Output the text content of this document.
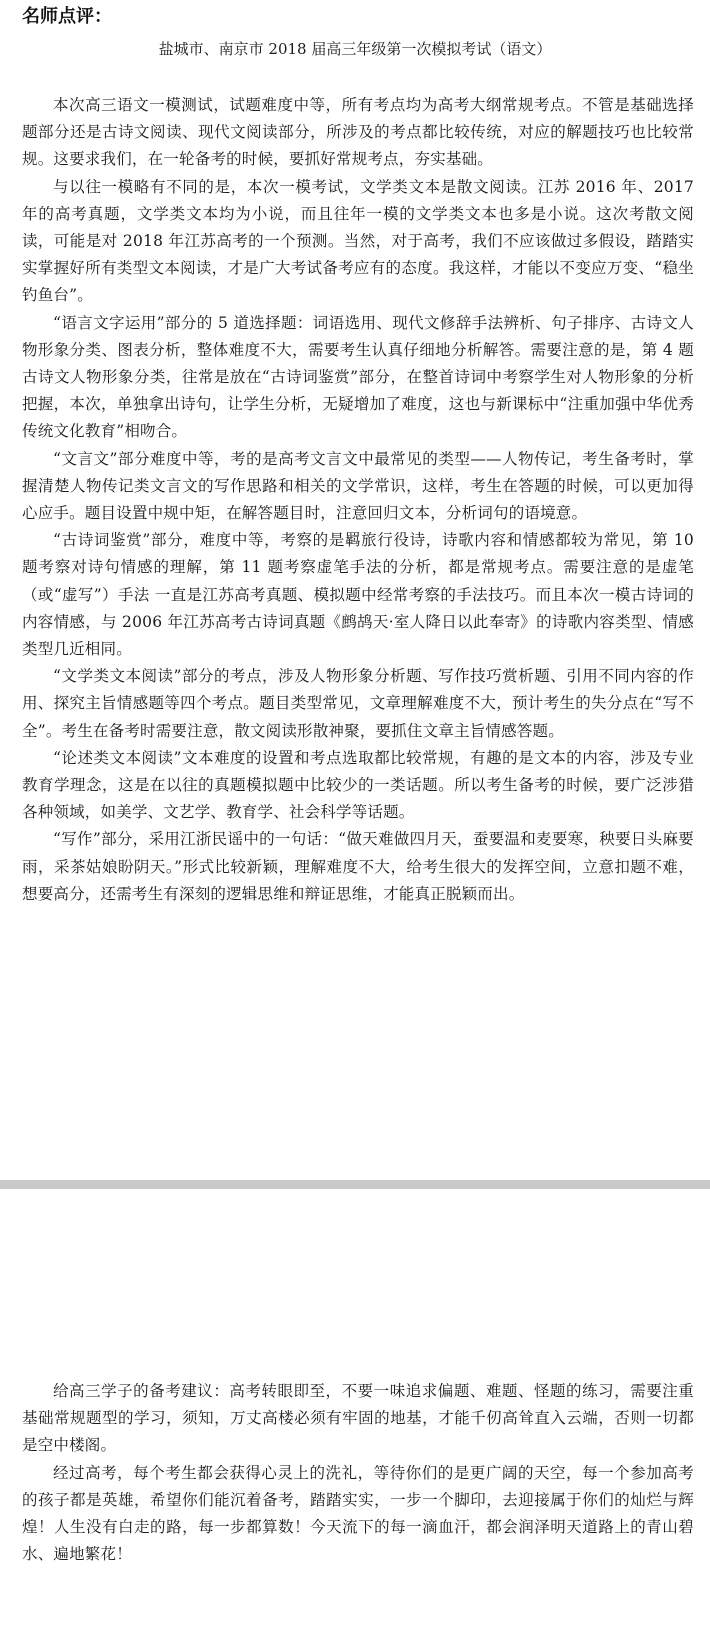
名师点评：

盐城市、南京市 2018 届高三年级第一次模拟考试（语文）

本次高三语文一模测试，试题难度中等，所有考点均为高考大纲常规考点。不管是基础选择题部分还是古诗文阅读、现代文阅读部分，所涉及的考点都比较传统，对应的解题技巧也比较常规。这要求我们，在一轮备考的时候，要抓好常规考点，夯实基础。

与以往一模略有不同的是，本次一模考试，文学类文本是散文阅读。江苏 2016 年、2017 年的高考真题，文学类文本均为小说，而且往年一模的文学类文本也多是小说。这次考散文阅读，可能是对 2018 年江苏高考的一个预测。当然，对于高考，我们不应该做过多假设，踏踏实实掌握好所有类型文本阅读，才是广大考试备考应有的态度。我这样，才能以不变应万变、“稳坐钓鱼台”。

“语言文字运用”部分的 5 道选择题：词语选用、现代文修辞手法辨析、句子排序、古诗文人物形象分类、图表分析，整体难度不大，需要考生认真仔细地分析解答。需要注意的是，第 4 题古诗文人物形象分类，往常是放在“古诗词鉴赏”部分，在整首诗词中考察学生对人物形象的分析把握，本次，单独拿出诗句，让学生分析，无疑增加了难度，这也与新课标中“注重加强中华优秀传统文化教育”相吻合。

“文言文”部分难度中等，考的是高考文言文中最常见的类型——人物传记，考生备考时，掌握清楚人物传记类文言文的写作思路和相关的文学常识，这样，考生在答题的时候，可以更加得心应手。题目设置中规中矩，在解答题目时，注意回归文本，分析词句的语境意。

“古诗词鉴赏”部分，难度中等，考察的是羁旅行役诗，诗歌内容和情感都较为常见，第 10 题考察对诗句情感的理解，第 11 题考察虚笔手法的分析，都是常规考点。需要注意的是虚笔（或“虚写”）手法 一直是江苏高考真题、模拟题中经常考察的手法技巧。而且本次一模古诗词的内容情感，与 2006 年江苏高考古诗词真题《鹧鸪天·室人降日以此奉寄》的诗歌内容类型、情感类型几近相同。

“文学类文本阅读”部分的考点，涉及人物形象分析题、写作技巧赏析题、引用不同内容的作用、探究主旨情感题等四个考点。题目类型常见，文章理解难度不大，预计考生的失分点在“写不全”。考生在备考时需要注意，散文阅读形散神聚，要抓住文章主旨情感答题。

“论述类文本阅读”文本难度的设置和考点选取都比较常规，有趣的是文本的内容，涉及专业教育学理念，这是在以往的真题模拟题中比较少的一类话题。所以考生备考的时候，要广泛涉猎各种领域，如美学、文艺学、教育学、社会科学等话题。

“写作”部分，采用江浙民谣中的一句话：“做天难做四月天，蚕要温和麦要寒，秧要日头麻要雨，采茶姑娘盼阴天。”形式比较新颖，理解难度不大，给考生很大的发挥空间，立意扣题不难，想要高分，还需考生有深刻的逻辑思维和辩证思维，才能真正脱颖而出。

给高三学子的备考建议：高考转眼即至，不要一味追求偏题、难题、怪题的练习，需要注重基础常规题型的学习，须知，万丈高楼必须有牢固的地基，才能千仞高耸直入云端，否则一切都是空中楼阁。

经过高考，每个考生都会获得心灵上的洗礼，等待你们的是更广阔的天空，每一个参加高考的孩子都是英雄，希望你们能沉着备考，踏踏实实，一步一个脚印，去迎接属于你们的灿烂与辉煌！人生没有白走的路，每一步都算数！今天流下的每一滴血汗，都会润泽明天道路上的青山碧水、遍地繁花！
